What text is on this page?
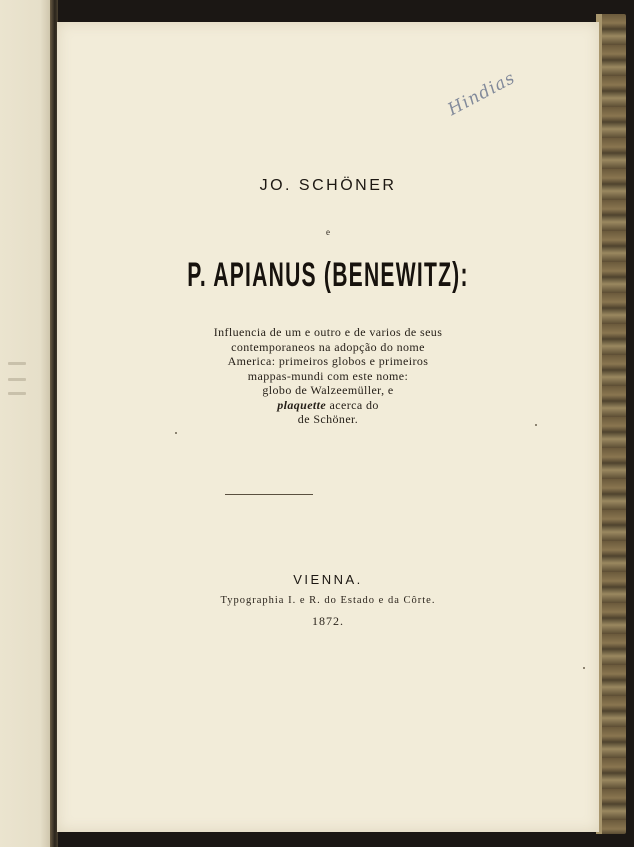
Hindias
JO. SCHÖNER
e
P. APIANUS (BENEWITZ):
Influencia de um e outro e de varios de seus
contemporaneos na adopção do nome
America: primeiros globos e primeiros
mappas-mundi com este nome:
globo de Walzeemüller, e
plaquette acerca do
de Schöner.
VIENNA.
Typographia I. e R. do Estado e da Côrte.
1872.
